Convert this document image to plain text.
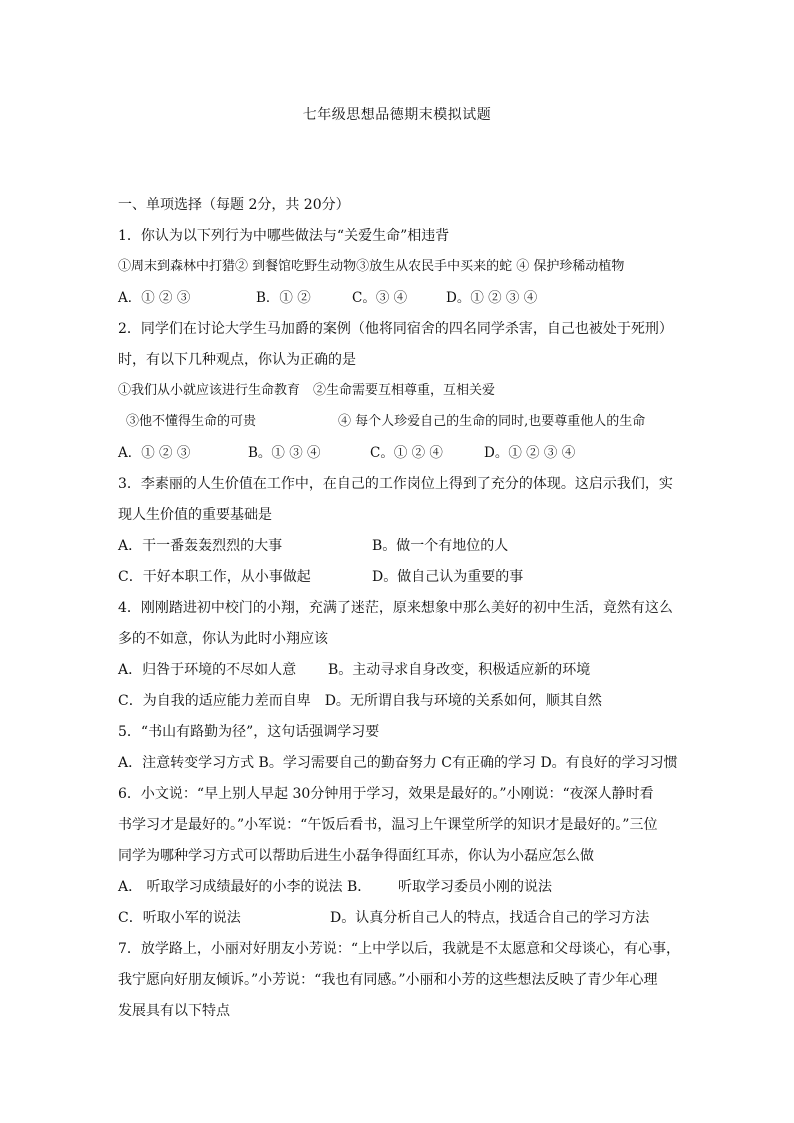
七年级思想品德期末模拟试题
一、单项选择（每题 2分，共 20分）
1．你认为以下列行为中哪些做法与“关爱生命”相违背
①周末到森林中打猎② 到餐馆吃野生动物③放生从农民手中买来的蛇 ④ 保护珍稀动植物
A．① ② ③	B．① ②	C。③ ④	D。① ② ③ ④
2．同学们在讨论大学生马加爵的案例（他将同宿舍的四名同学杀害，自己也被处于死刑）
时，有以下几种观点，你认为正确的是
①我们从小就应该进行生命教育　②生命需要互相尊重，互相关爱
③他不懂得生命的可贵	④ 每个人珍爱自己的生命的同时,也要尊重他人的生命
A．① ② ③	B。① ③ ④	C。① ② ④	D。① ② ③ ④
3．李素丽的人生价值在工作中，在自己的工作岗位上得到了充分的体现。这启示我们，实
现人生价值的重要基础是
A．干一番轰轰烈烈的大事	B。做一个有地位的人
C．干好本职工作，从小事做起	D。做自己认为重要的事
4．刚刚踏进初中校门的小翔，充满了迷茫，原来想象中那么美好的初中生活，竟然有这么
多的不如意，你认为此时小翔应该
A．归咎于环境的不尽如人意 B。主动寻求自身改变，积极适应新的环境
C．为自我的适应能力差而自卑　D。无所谓自我与环境的关系如何，顺其自然
5．“书山有路勤为径”，这句话强调学习要
A．注意转变学习方式 B。学习需要自己的勤奋努力 C有正确的学习 D。有良好的学习习惯
6．小文说：“早上别人早起 30分钟用于学习，效果是最好的。”小刚说：“夜深人静时看
书学习才是最好的。”小军说：“午饭后看书，温习上午课堂所学的知识才是最好的。”三位
同学为哪种学习方式可以帮助后进生小磊争得面红耳赤，你认为小磊应怎么做
A． 听取学习成绩最好的小李的说法 B． 听取学习委员小刚的说法
C．听取小军的说法	D。认真分析自己人的特点，找适合自己的学习方法
7．放学路上，小丽对好朋友小芳说：“上中学以后，我就是不太愿意和父母谈心，有心事，
我宁愿向好朋友倾诉。”小芳说：“我也有同感。”小丽和小芳的这些想法反映了青少年心理
发展具有以下特点
